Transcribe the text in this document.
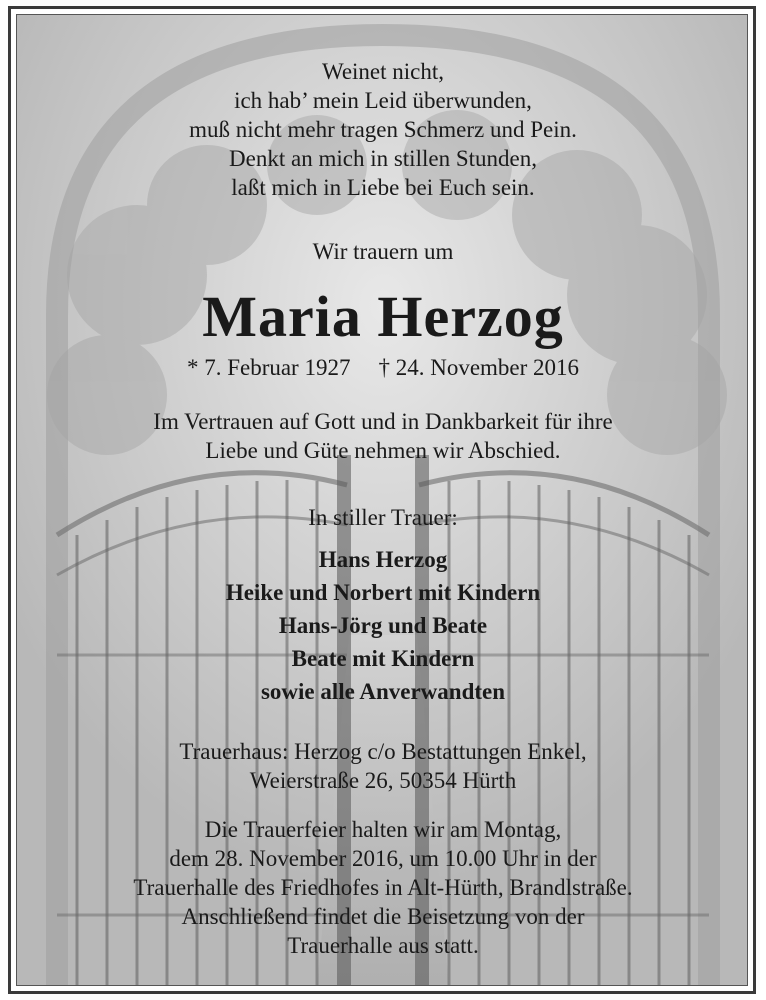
Weinet nicht,
ich hab’ mein Leid überwunden,
muß nicht mehr tragen Schmerz und Pein.
Denkt an mich in stillen Stunden,
laßt mich in Liebe bei Euch sein.
Wir trauern um
Maria Herzog
* 7. Februar 1927 † 24. November 2016
Im Vertrauen auf Gott und in Dankbarkeit für ihre
Liebe und Güte nehmen wir Abschied.
In stiller Trauer:
Hans Herzog
Heike und Norbert mit Kindern
Hans-Jörg und Beate
Beate mit Kindern
sowie alle Anverwandten
Trauerhaus: Herzog c/o Bestattungen Enkel,
Weierstraße 26, 50354 Hürth
Die Trauerfeier halten wir am Montag,
dem 28. November 2016, um 10.00 Uhr in der
Trauerhalle des Friedhofes in Alt-Hürth, Brandlstraße.
Anschließend findet die Beisetzung von der
Trauerhalle aus statt.
